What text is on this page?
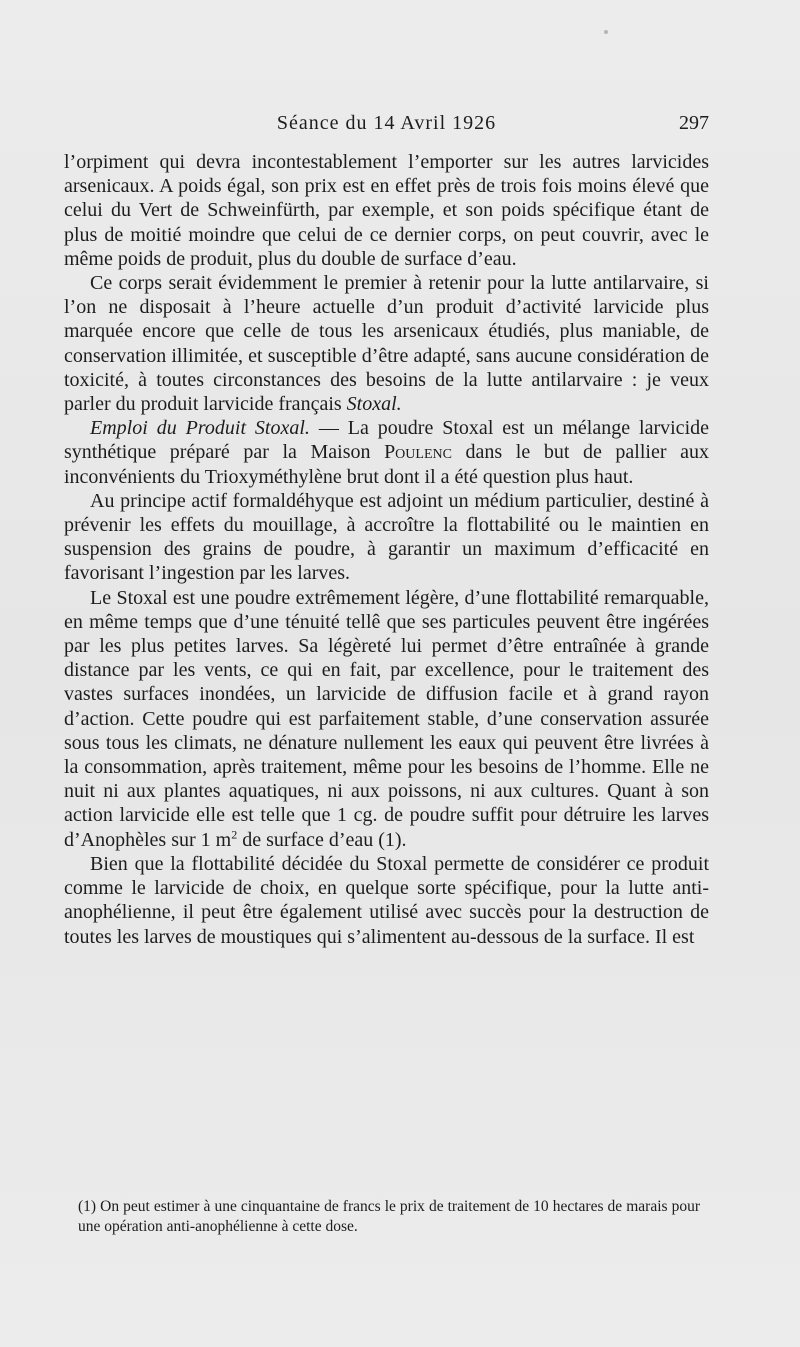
Séance du 14 Avril 1926	297

l’orpiment qui devra incontestablement l’emporter sur les autres larvicides arsenicaux. A poids égal, son prix est en effet près de trois fois moins élevé que celui du Vert de Schweinfürth, par exemple, et son poids spécifique étant de plus de moitié moindre que celui de ce dernier corps, on peut couvrir, avec le même poids de produit, plus du double de surface d’eau.

Ce corps serait évidemment le premier à retenir pour la lutte antilarvaire, si l’on ne disposait à l’heure actuelle d’un produit d’activité larvicide plus marquée encore que celle de tous les arsenicaux étudiés, plus maniable, de conservation illimitée, et susceptible d’être adapté, sans aucune considération de toxicité, à toutes circonstances des besoins de la lutte antilarvaire : je veux parler du produit larvicide français Stoxal.

Emploi du Produit Stoxal. — La poudre Stoxal est un mélange larvicide synthétique préparé par la Maison Poulenc dans le but de pallier aux inconvénients du Trioxyméthylène brut dont il a été question plus haut.

Au principe actif formaldéhyque est adjoint un médium particulier, destiné à prévenir les effets du mouillage, à accroître la flottabilité ou le maintien en suspension des grains de poudre, à garantir un maximum d’efficacité en favorisant l’ingestion par les larves.

Le Stoxal est une poudre extrêmement légère, d’une flottabilité remarquable, en même temps que d’une ténuité tellê que ses particules peuvent être ingérées par les plus petites larves. Sa légèreté lui permet d’être entraînée à grande distance par les vents, ce qui en fait, par excellence, pour le traitement des vastes surfaces inondées, un larvicide de diffusion facile et à grand rayon d’action. Cette poudre qui est parfaitement stable, d’une conservation assurée sous tous les climats, ne dénature nullement les eaux qui peuvent être livrées à la consommation, après traitement, même pour les besoins de l’homme. Elle ne nuit ni aux plantes aquatiques, ni aux poissons, ni aux cultures. Quant à son action larvicide elle est telle que 1 cg. de poudre suffit pour détruire les larves d’Anophèles sur 1 $m^2$ de surface d’eau (1).

Bien que la flottabilité décidée du Stoxal permette de considérer ce produit comme le larvicide de choix, en quelque sorte spécifique, pour la lutte anti-anophélienne, il peut être également utilisé avec succès pour la destruction de toutes les larves de moustiques qui s’alimentent au-dessous de la surface. Il est

(1) On peut estimer à une cinquantaine de francs le prix de traitement de 10 hectares de marais pour une opération anti-anophélienne à cette dose.
